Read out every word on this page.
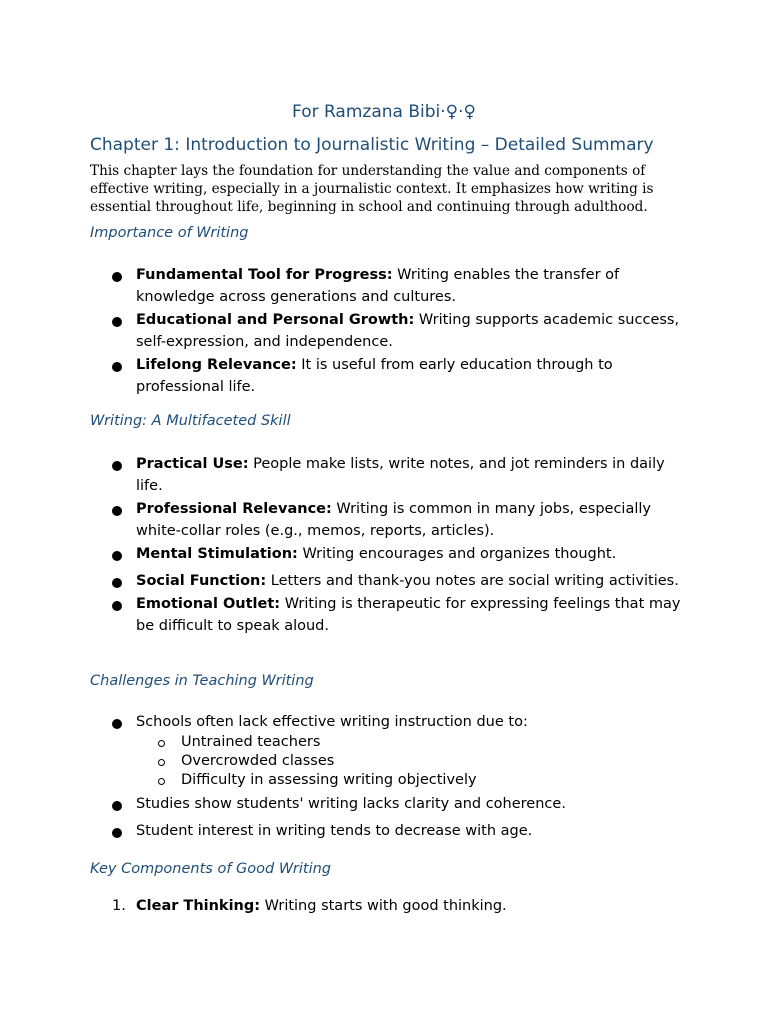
For Ramzana Bibi·♀·♀
Chapter 1: Introduction to Journalistic Writing – Detailed Summary
This chapter lays the foundation for understanding the value and components of effective writing, especially in a journalistic context. It emphasizes how writing is essential throughout life, beginning in school and continuing through adulthood.
Importance of Writing
Fundamental Tool for Progress: Writing enables the transfer of knowledge across generations and cultures.
Educational and Personal Growth: Writing supports academic success, self-expression, and independence.
Lifelong Relevance: It is useful from early education through to professional life.
Writing: A Multifaceted Skill
Practical Use: People make lists, write notes, and jot reminders in daily life.
Professional Relevance: Writing is common in many jobs, especially white-collar roles (e.g., memos, reports, articles).
Mental Stimulation: Writing encourages and organizes thought.
Social Function: Letters and thank-you notes are social writing activities.
Emotional Outlet: Writing is therapeutic for expressing feelings that may be difficult to speak aloud.
Challenges in Teaching Writing
Schools often lack effective writing instruction due to:
Untrained teachers
Overcrowded classes
Difficulty in assessing writing objectively
Studies show students' writing lacks clarity and coherence.
Student interest in writing tends to decrease with age.
Key Components of Good Writing
1. Clear Thinking: Writing starts with good thinking.
